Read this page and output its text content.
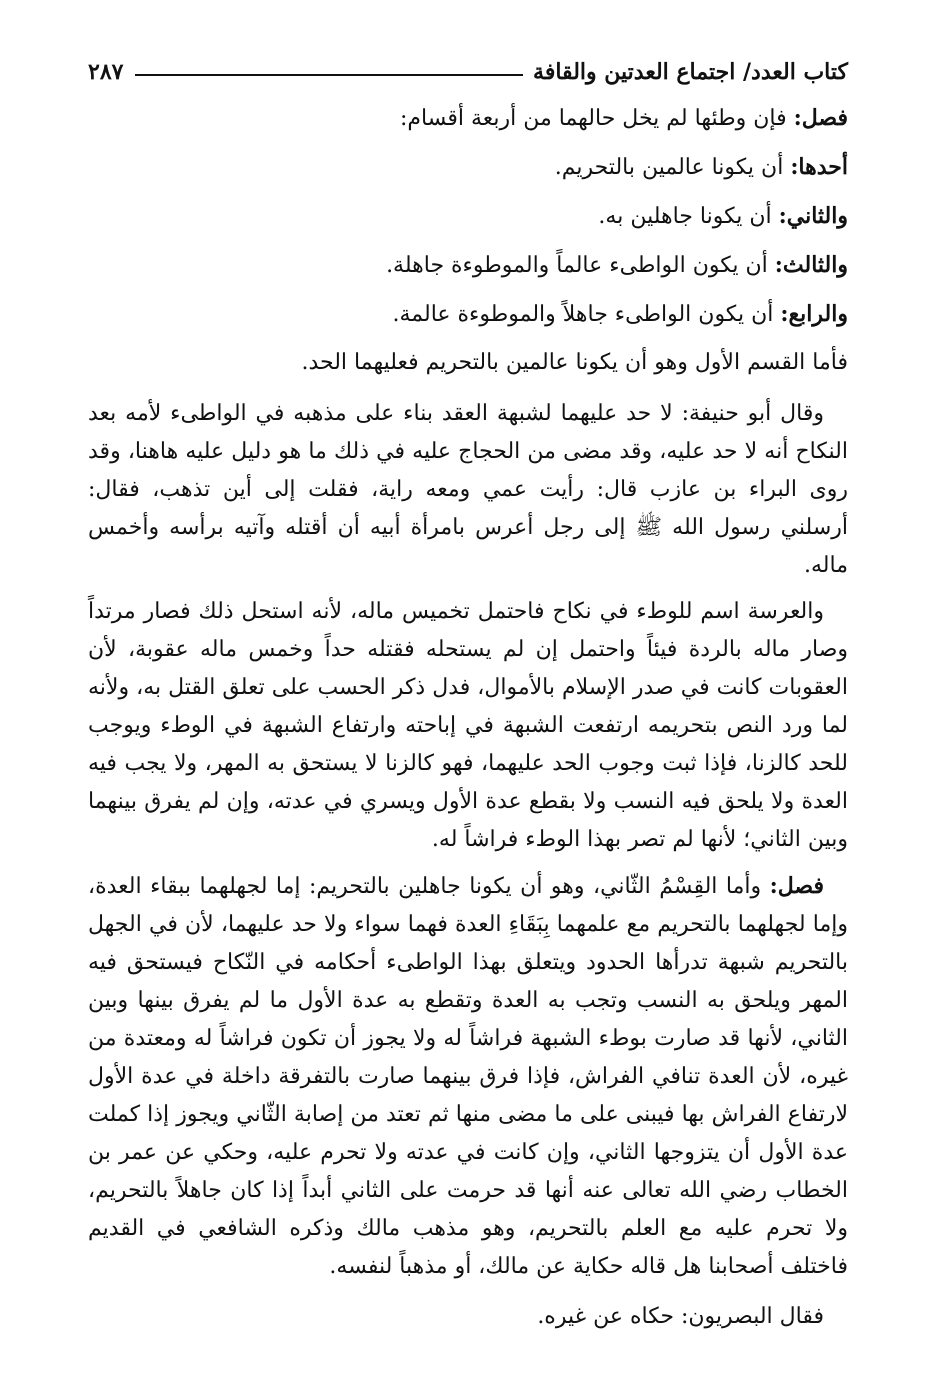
كتاب العدد/ اجتماع العدتين والقافة
٢٨٧
فصل: فإن وطئها لم يخل حالهما من أربعة أقسام:
أحدها: أن يكونا عالمين بالتحريم.
والثاني: أن يكونا جاهلين به.
والثالث: أن يكون الواطىء عالماً والموطوءة جاهلة.
والرابع: أن يكون الواطىء جاهلاً والموطوءة عالمة.
فأما القسم الأول وهو أن يكونا عالمين بالتحريم فعليهما الحد.

وقال أبو حنيفة: لا حد عليهما لشبهة العقد بناء على مذهبه في الواطىء لأمه بعد النكاح أنه لا حد عليه، وقد مضى من الحجاج عليه في ذلك ما هو دليل عليه هاهنا، وقد روى البراء بن عازب قال: رأيت عمي ومعه راية، فقلت إلى أين تذهب، فقال: أرسلني رسول الله ﷺ إلى رجل أعرس بامرأة أبيه أن أقتله وآتيه برأسه وأخمس ماله.

والعرسة اسم للوطء في نكاح فاحتمل تخميس ماله، لأنه استحل ذلك فصار مرتداً وصار ماله بالردة فيئاً واحتمل إن لم يستحله فقتله حداً وخمس ماله عقوبة، لأن العقوبات كانت في صدر الإسلام بالأموال، فدل ذكر الحسب على تعلق القتل به، ولأنه لما ورد النص بتحريمه ارتفعت الشبهة في إباحته وارتفاع الشبهة في الوطء ويوجب للحد كالزنا، فإذا ثبت وجوب الحد عليهما، فهو كالزنا لا يستحق به المهر، ولا يجب فيه العدة ولا يلحق فيه النسب ولا بقطع عدة الأول ويسري في عدته، وإن لم يفرق بينهما وبين الثاني؛ لأنها لم تصر بهذا الوطء فراشاً له.

فصل: وأما القِسْمُ الثّاني، وهو أن يكونا جاهلين بالتحريم: إما لجهلهما ببقاء العدة، وإما لجهلهما بالتحريم مع علمهما بِبَقَاءِ العدة فهما سواء ولا حد عليهما، لأن في الجهل بالتحريم شبهة تدرأها الحدود ويتعلق بهذا الواطىء أحكامه في النّكاح فيستحق فيه المهر ويلحق به النسب وتجب به العدة وتقطع به عدة الأول ما لم يفرق بينها وبين الثاني، لأنها قد صارت بوطء الشبهة فراشاً له ولا يجوز أن تكون فراشاً له ومعتدة من غيره، لأن العدة تنافي الفراش، فإذا فرق بينهما صارت بالتفرقة داخلة في عدة الأول لارتفاع الفراش بها فيبنى على ما مضى منها ثم تعتد من إصابة الثّاني ويجوز إذا كملت عدة الأول أن يتزوجها الثاني، وإن كانت في عدته ولا تحرم عليه، وحكي عن عمر بن الخطاب رضي الله تعالى عنه أنها قد حرمت على الثاني أبداً إذا كان جاهلاً بالتحريم، ولا تحرم عليه مع العلم بالتحريم، وهو مذهب مالك وذكره الشافعي في القديم فاختلف أصحابنا هل قاله حكاية عن مالك، أو مذهباً لنفسه.

فقال البصريون: حكاه عن غيره.
